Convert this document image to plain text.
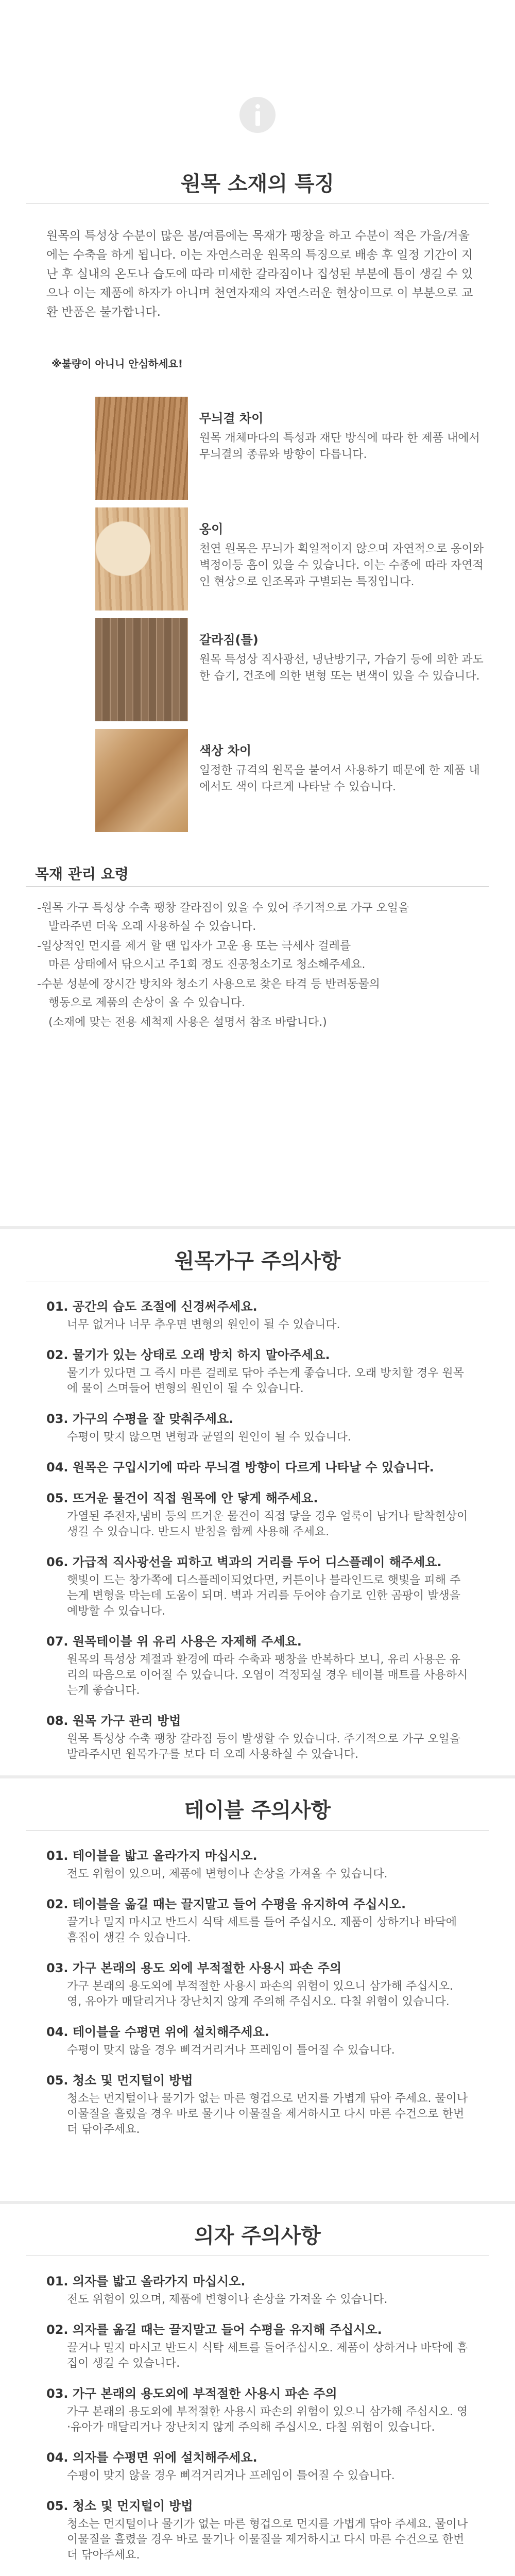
원목 소재의 특징
원목의 특성상 수분이 많은 봄/여름에는 목재가 팽창을 하고 수분이 적은 가을/겨울에는 수축을 하게 됩니다. 이는 자연스러운 원목의 특징으로 배송 후 일정 기간이 지난 후 실내의 온도나 습도에 따라 미세한 갈라짐이나 집성된 부분에 틈이 생길 수 있으나 이는 제품에 하자가 아니며 천연자재의 자연스러운 현상이므로 이 부분으로 교환 반품은 불가합니다.
※불량이 아니니 안심하세요!
무늬결 차이

원목 개체마다의 특성과 재단 방식에 따라 한 제품 내에서 무늬결의 종류와 방향이 다릅니다.

옹이

천연 원목은 무늬가 획일적이지 않으며 자연적으로 옹이와 벽정이등 흠이 있을 수 있습니다. 이는 수종에 따라 자연적인 현상으로 인조목과 구별되는 특징입니다.

갈라짐(틀)

원목 특성상 직사광선, 냉난방기구, 가습기 등에 의한 과도한 습기, 건조에 의한 변형 또는 변색이 있을 수 있습니다.

색상 차이

일정한 규격의 원목을 붙여서 사용하기 때문에 한 제품 내에서도 색이 다르게 나타날 수 있습니다.

목재 관리 요령
-원목 가구 특성상 수축 팽창 갈라짐이 있을 수 있어 주기적으로 가구 오일을
발라주면 더욱 오래 사용하실 수 있습니다.
-일상적인 먼지를 제거 할 땐 입자가 고운 용 또는 극세사 걸레를
마른 상태에서 닦으시고 주1회 정도 진공청소기로 청소해주세요.
-수분 성분에 장시간 방치와 청소기 사용으로 찾은 타격 등 반려동물의
행동으로 제품의 손상이 올 수 있습니다.
(소재에 맞는 전용 세척제 사용은 설명서 참조 바랍니다.)
원목가구 주의사항
01. 공간의 습도 조절에 신경써주세요.
너무 없거나 너무 추우면 변형의 원인이 될 수 있습니다.
02. 물기가 있는 상태로 오래 방치 하지 말아주세요.
물기가 있다면 그 즉시 마른 걸레로 닦아 주는게 좋습니다. 오래 방치할 경우 원목에 물이 스며들어 변형의 원인이 될 수 있습니다.
03. 가구의 수평을 잘 맞춰주세요.
수평이 맞지 않으면 변형과 균열의 원인이 될 수 있습니다.
04. 원목은 구입시기에 따라 무늬결 방향이 다르게 나타날 수 있습니다.
05. 뜨거운 물건이 직접 원목에 안 닿게 해주세요.
가열된 주전자,냄비 등의 뜨거운 물건이 직접 닿을 경우 얼룩이 남거나 탈착현상이 생길 수 있습니다. 반드시 받침을 함께 사용해 주세요.
06. 가급적 직사광선을 피하고 벽과의 거리를 두어 디스플레이 해주세요.
햇빛이 드는 창가쪽에 디스플레이되었다면, 커튼이나 블라인드로 햇빛을 피해 주는게 변형을 막는데 도움이 되며. 벽과 거리를 두어야 습기로 인한 곰팡이 발생을 예방할 수 있습니다.
07. 원목테이블 위 유리 사용은 자제해 주세요.
원목의 특성상 계절과 환경에 따라 수축과 팽창을 반복하다 보니, 유리 사용은 유리의 따음으로 이어질 수 있습니다. 오염이 걱정되실 경우 테이블 매트를 사용하시는게 좋습니다.
08. 원목 가구 관리 방법
원목 특성상 수축 팽창 갈라짐 등이 발생할 수 있습니다. 주기적으로 가구 오일을 발라주시면 원목가구를 보다 더 오래 사용하실 수 있습니다.
테이블 주의사항
01. 테이블을 밟고 올라가지 마십시오.
전도 위험이 있으며, 제품에 변형이나 손상을 가져올 수 있습니다.
02. 테이블을 옮길 때는 끌지말고 들어 수평을 유지하여 주십시오.
끌거나 밀지 마시고 반드시 식탁 세트를 들어 주십시오. 제품이 상하거나 바닥에 흠집이 생길 수 있습니다.
03. 가구 본래의 용도 외에 부적절한 사용시 파손 주의
가구 본래의 용도외에 부적절한 사용시 파손의 위험이 있으니 삼가해 주십시오. 영, 유아가 매달리거나 장난치지 않게 주의해 주십시오. 다칠 위험이 있습니다.
04. 테이블을 수평면 위에 설치해주세요.
수평이 맞지 않을 경우 삐걱거리거나 프레임이 틀어질 수 있습니다.
05. 청소 및 먼지털이 방법
청소는 먼지털이나 물기가 없는 마른 형겁으로 먼지를 가볍게 닦아 주세요. 물이나 이물질을 흘렸을 경우 바로 물기나 이물질을 제거하시고 다시 마른 수건으로 한번 더 닦아주세요.
의자 주의사항
01. 의자를 밟고 올라가지 마십시오.
전도 위험이 있으며, 제품에 변형이나 손상을 가져올 수 있습니다.
02. 의자를 옮길 때는 끌지말고 들어 수평을 유지해 주십시오.
끌거나 밀지 마시고 반드시 식탁 세트를 들어주십시오. 제품이 상하거나 바닥에 흠집이 생길 수 있습니다.
03. 가구 본래의 용도외에 부적절한 사용시 파손 주의
가구 본래의 용도외에 부적절한 사용시 파손의 위험이 있으니 삼가해 주십시오. 영·유아가 매달리거나 장난치지 않게 주의해 주십시오. 다칠 위험이 있습니다.
04. 의자를 수평면 위에 설치해주세요.
수평이 맞지 않을 경우 삐걱거리거나 프레임이 틀어질 수 있습니다.
05. 청소 및 먼지털이 방법
청소는 먼지털이나 물기가 없는 마른 형겁으로 먼지를 가볍게 닦아 주세요. 물이나 이물질을 흘렸을 경우 바로 물기나 이물질을 제거하시고 다시 마른 수건으로 한번 더 닦아주세요.
